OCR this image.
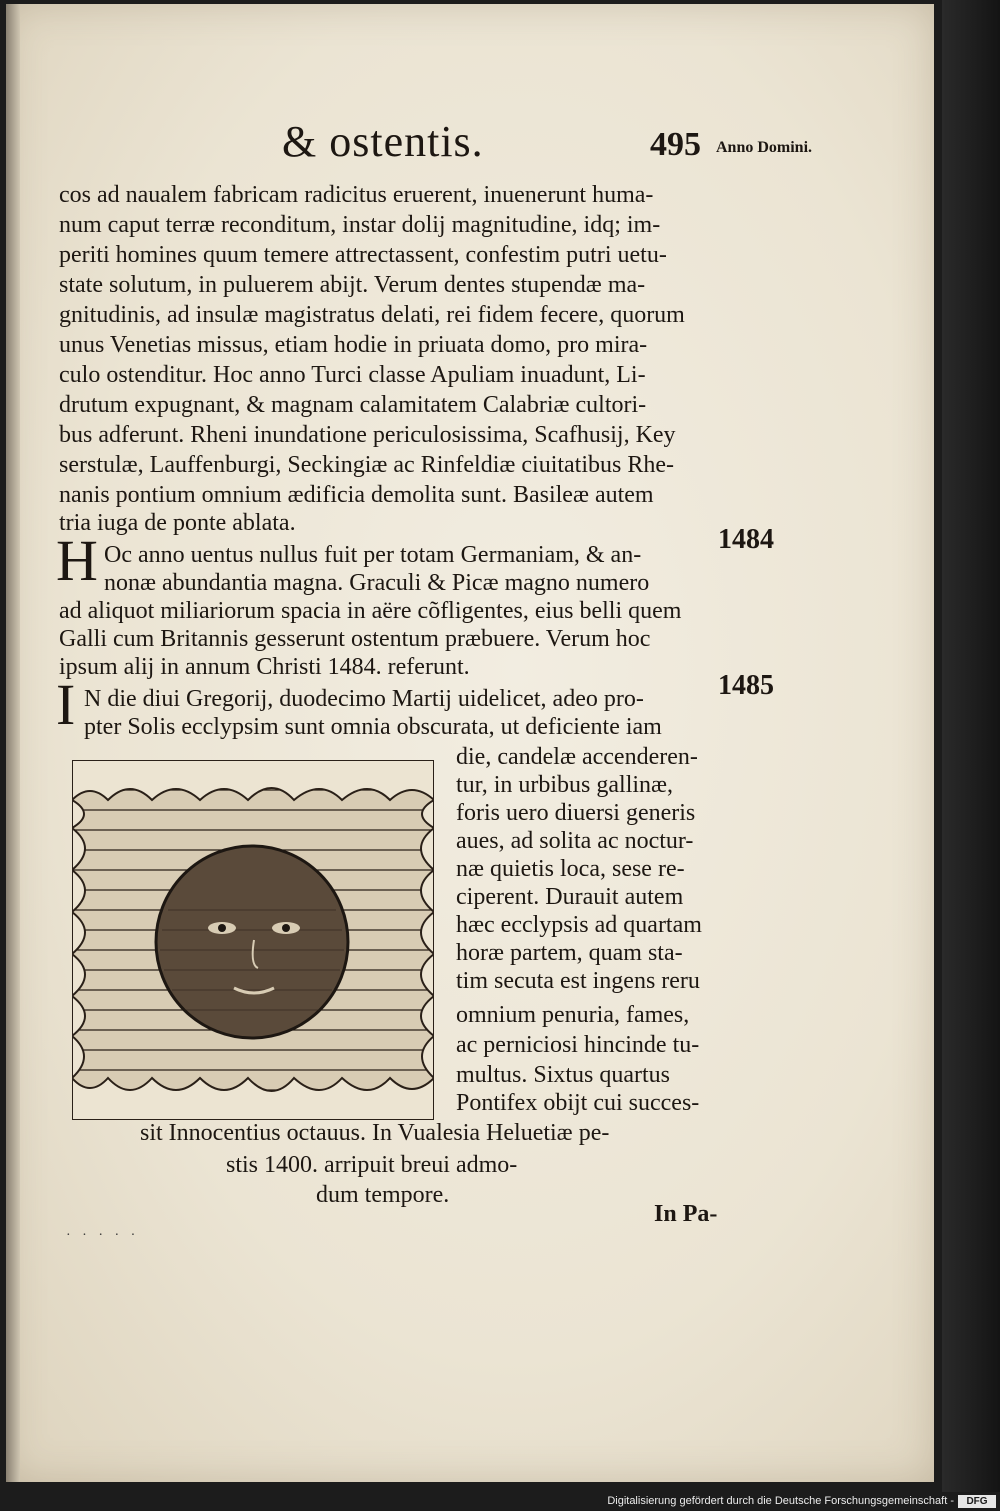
& ostentis.	495 Anno Domini.
cos ad naualem fabricam radicitus eruerent, inuenerunt huma-
num caput terræ reconditum, instar dolij magnitudine, idq; im-
periti homines quum temere attrectassent, confestim putri uetu-
state solutum, in puluerem abijt. Verum dentes stupendæ ma-
gnitudinis, ad insulæ magistratus delati, rei fidem fecere, quorum
unus Venetias missus, etiam hodie in priuata domo, pro mira-
culo ostenditur. Hoc anno Turci classe Apuliam inuadunt, Li-
drutum expugnant, & magnam calamitatem Calabriæ cultori-
bus adferunt. Rheni inundatione periculosissima, Scafhusij, Key
serstulæ, Lauffenburgi, Seckingiæ ac Rinfeldiæ ciuitatibus Rhe-
nanis pontium omnium ædificia demolita sunt. Basileæ autem
tria iuga de ponte ablata.
1484
H Oc anno uentus nullus fuit per totam Germaniam, & an-
nonæ abundantia magna. Graculi & Picæ magno numero
ad aliquot miliariorum spacia in aëre cõfligentes, eius belli quem
Galli cum Britannis gesserunt ostentum præbuere. Verum hoc
ipsum alij in annum Christi 1484. referunt.
1485
I N die diui Gregorij, duodecimo Martij uidelicet, adeo pro-
pter Solis ecclypsim sunt omnia obscurata, ut deficiente iam
die, candelæ accenderen-
tur, in urbibus gallinæ,
foris uero diuersi generis
aues, ad solita ac noctur-
næ quietis loca, sese re-
ciperent. Durauit autem
hæc ecclypsis ad quartam
horæ partem, quam sta-
tim secuta est ingens reru
omnium penuria, fames,
ac perniciosi hincinde tu-
multus. Sixtus quartus
Pontifex obijt cui succes-
sit Innocentius octauus. In Vualesia Heluetiæ pe-
stis 1400. arripuit breui admo-
dum tempore.
In Pa-
· · · · ·
Digitalisierung gefördert durch die Deutsche Forschungsgemeinschaft -	DFG
